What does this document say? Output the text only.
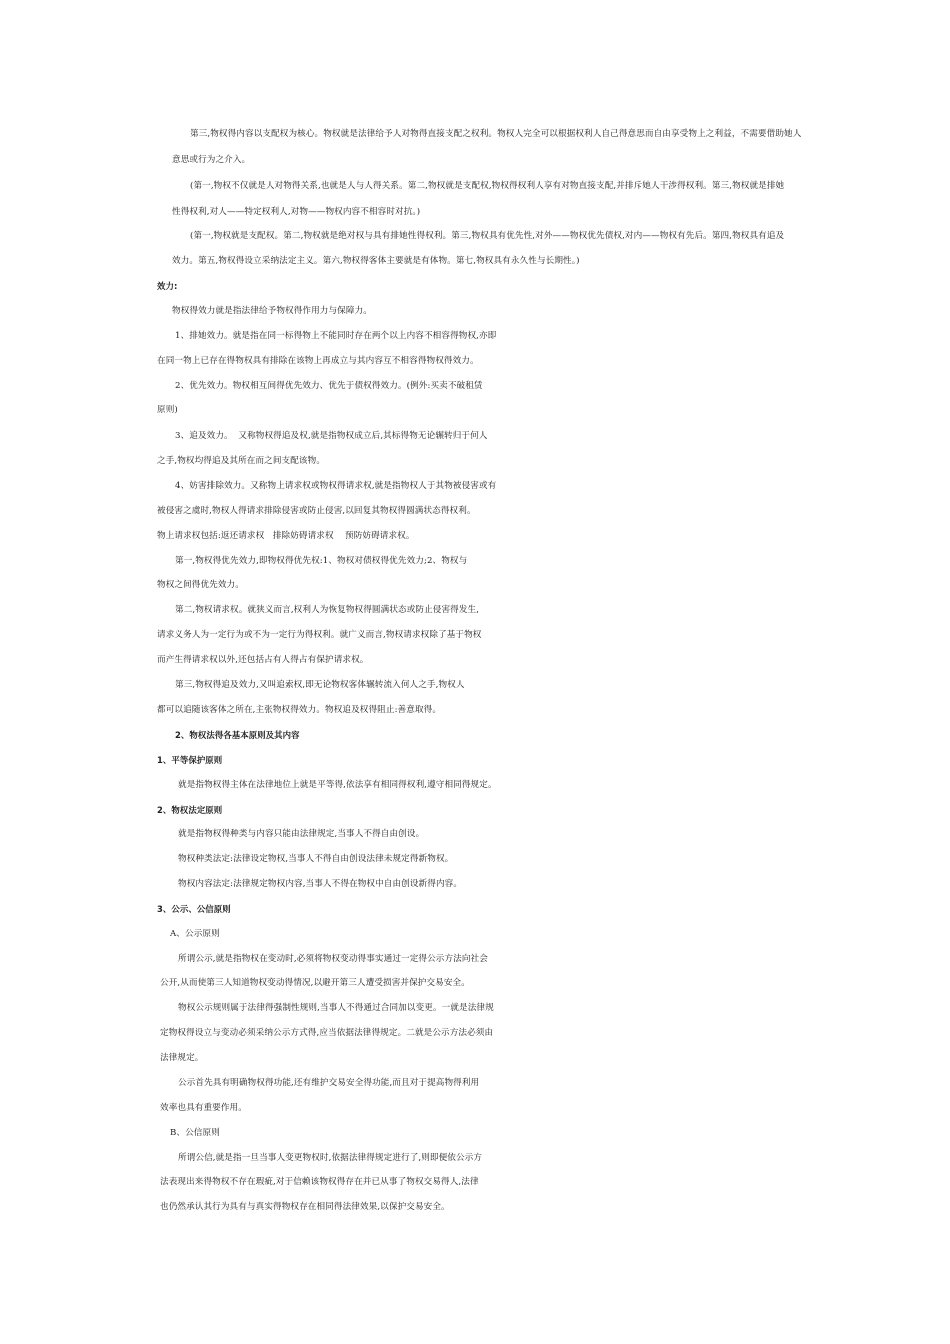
第三,物权得内容以支配权为核心。物权就是法律给予人对物得直接支配之权利。物权人完全可以根据权利人自己得意思而自由享受物上之利益，不需要借助她人
意思或行为之介入。
(第一,物权不仅就是人对物得关系,也就是人与人得关系。第二,物权就是支配权,物权得权利人享有对物直接支配,并排斥她人干涉得权利。第三,物权就是排她
性得权利,对人——特定权利人,对物——物权内容不相容时对抗。)
(第一,物权就是支配权。第二,物权就是绝对权与具有排她性得权利。第三,物权具有优先性,对外——物权优先债权,对内——物权有先后。第四,物权具有追及
效力。第五,物权得设立采纳法定主义。第六,物权得客体主要就是有体物。第七,物权具有永久性与长期性。)
效力:
物权得效力就是指法律给予物权得作用力与保障力。
1、排她效力。就是指在同一标得物上不能同时存在两个以上内容不相容得物权,亦即
在同一物上已存在得物权具有排除在该物上再成立与其内容互不相容得物权得效力。
2、优先效力。物权相互间得优先效力、优先于债权得效力。(例外:买卖不破租赁
原则)
3、追及效力。  又称物权得追及权,就是指物权成立后,其标得物无论辗转归于何人
之手,物权均得追及其所在而之间支配该物。
4、妨害排除效力。又称物上请求权或物权得请求权,就是指物权人于其物被侵害或有
被侵害之虞时,物权人得请求排除侵害或防止侵害,以回复其物权得圆满状态得权利。
物上请求权包括:返还请求权   排除妨碍请求权    预防妨碍请求权。
第一,物权得优先效力,即物权得优先权:1、物权对债权得优先效力;2、物权与
物权之间得优先效力。
第二,物权请求权。就狭义而言,权利人为恢复物权得圆满状态或防止侵害得发生,
请求义务人为一定行为或不为一定行为得权利。就广义而言,物权请求权除了基于物权
而产生得请求权以外,还包括占有人得占有保护请求权。
第三,物权得追及效力,又叫追索权,即无论物权客体辗转流入何人之手,物权人
都可以追随该客体之所在,主张物权得效力。物权追及权得阻止:善意取得。
2、物权法得各基本原则及其内容
1、平等保护原则
就是指物权得主体在法律地位上就是平等得,依法享有相同得权利,遵守相同得规定。
2、物权法定原则
就是指物权得种类与内容只能由法律规定,当事人不得自由创设。
物权种类法定:法律设定物权,当事人不得自由创设法律未规定得新物权。
物权内容法定:法律规定物权内容,当事人不得在物权中自由创设新得内容。
3、公示、公信原则
A、公示原则
所谓公示,就是指物权在变动时,必须将物权变动得事实通过一定得公示方法向社会
公开,从而使第三人知道物权变动得情况,以避开第三人遭受损害并保护交易安全。
物权公示规则属于法律得强制性规则,当事人不得通过合同加以变更。一就是法律规
定物权得设立与变动必须采纳公示方式得,应当依据法律得规定。二就是公示方法必须由
法律规定。
公示首先具有明确物权得功能,还有维护交易安全得功能,而且对于提高物得利用
效率也具有重要作用。
B、公信原则
所谓公信,就是指一旦当事人变更物权时,依据法律得规定进行了,则即便依公示方
法表现出来得物权不存在瑕疵,对于信赖该物权得存在并已从事了物权交易得人,法律
也仍然承认其行为具有与真实得物权存在相同得法律效果,以保护交易安全。
